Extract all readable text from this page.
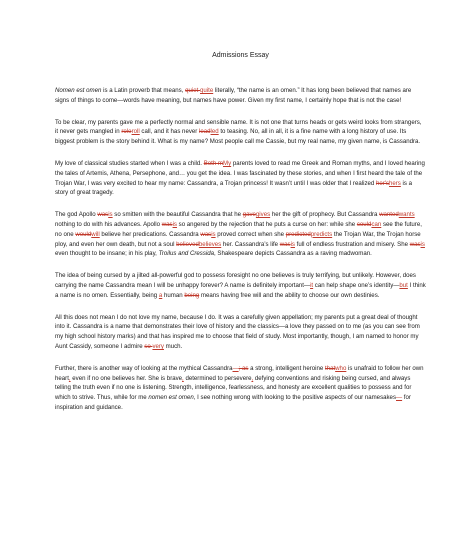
Admissions Essay

Nomen est omen is a Latin proverb that means, quiet quite literally, “the name is an omen.” It has long been believed that names are signs of things to come—words have meaning, but names have power. Given my first name, I certainly hope that is not the case!

To be clear, my parents gave me a perfectly normal and sensible name. It is not one that turns heads or gets weird looks from strangers, it never gets mangled in roleroll call, and it has never leadled to teasing. No, all in all, it is a fine name with a long history of use. Its biggest problem is the story behind it. What is my name? Most people call me Cassie, but my real name, my given name, is Cassandra.

My love of classical studies started when I was a child. Both mMy parents loved to read me Greek and Roman myths, and I loved hearing the tales of Artemis, Athena, Persephone, and… you get the idea. I was fascinated by these stories, and when I first heard the tale of the Trojan War, I was very excited to hear my name: Cassandra, a Trojan princess! It wasn’t until I was older that I realized her'shers is a story of great tragedy.

The god Apollo wasis so smitten with the beautiful Cassandra that he gavegives her the gift of prophecy. But Cassandra wantedwants nothing to do with his advances. Apollo wasis so angered by the rejection that he puts a curse on her: while she couldcan see the future, no one wouldwill believe her predications. Cassandra wasis proved correct when she predictedpredicts the Trojan War, the Trojan horse ploy, and even her own death, but not a soul believedbelieves her. Cassandra’s life wasis full of endless frustration and misery. She wasis even thought to be insane; in his play, Troilus and Cressida, Shakespeare depicts Cassandra as a raving madwoman.

The idea of being cursed by a jilted all-powerful god to possess foresight no one believes is truly terrifying, but unlikely. However, does carrying the name Cassandra mean I will be unhappy forever? A name is definitely important—it can help shape one’s identity—but I think a name is no omen. Essentially, being a human being means having free will and the ability to choose our own destinies.

All this does not mean I do not love my name, because I do. It was a carefully given appellation; my parents put a great deal of thought into it. Cassandra is a name that demonstrates their love of history and the classics—a love they passed on to me (as you can see from my high school history marks) and that has inspired me to choose that field of study. Most importantly, though, I am named to honor my Aunt Cassidy, someone I admire so very much.

Further, there is another way of looking at the mythical Cassandra—; as a strong, intelligent heroine thatwho is unafraid to follow her own heart, even if no one believes her. She is brave, determined to persevere, defying conventions and risking being cursed, and always telling the truth even if no one is listening. Strength, intelligence, fearlessness, and honesty are excellent qualities to possess and for which to strive. Thus, while for me nomen est omen, I see nothing wrong with looking to the positive aspects of our namesakes— for inspiration and guidance.
